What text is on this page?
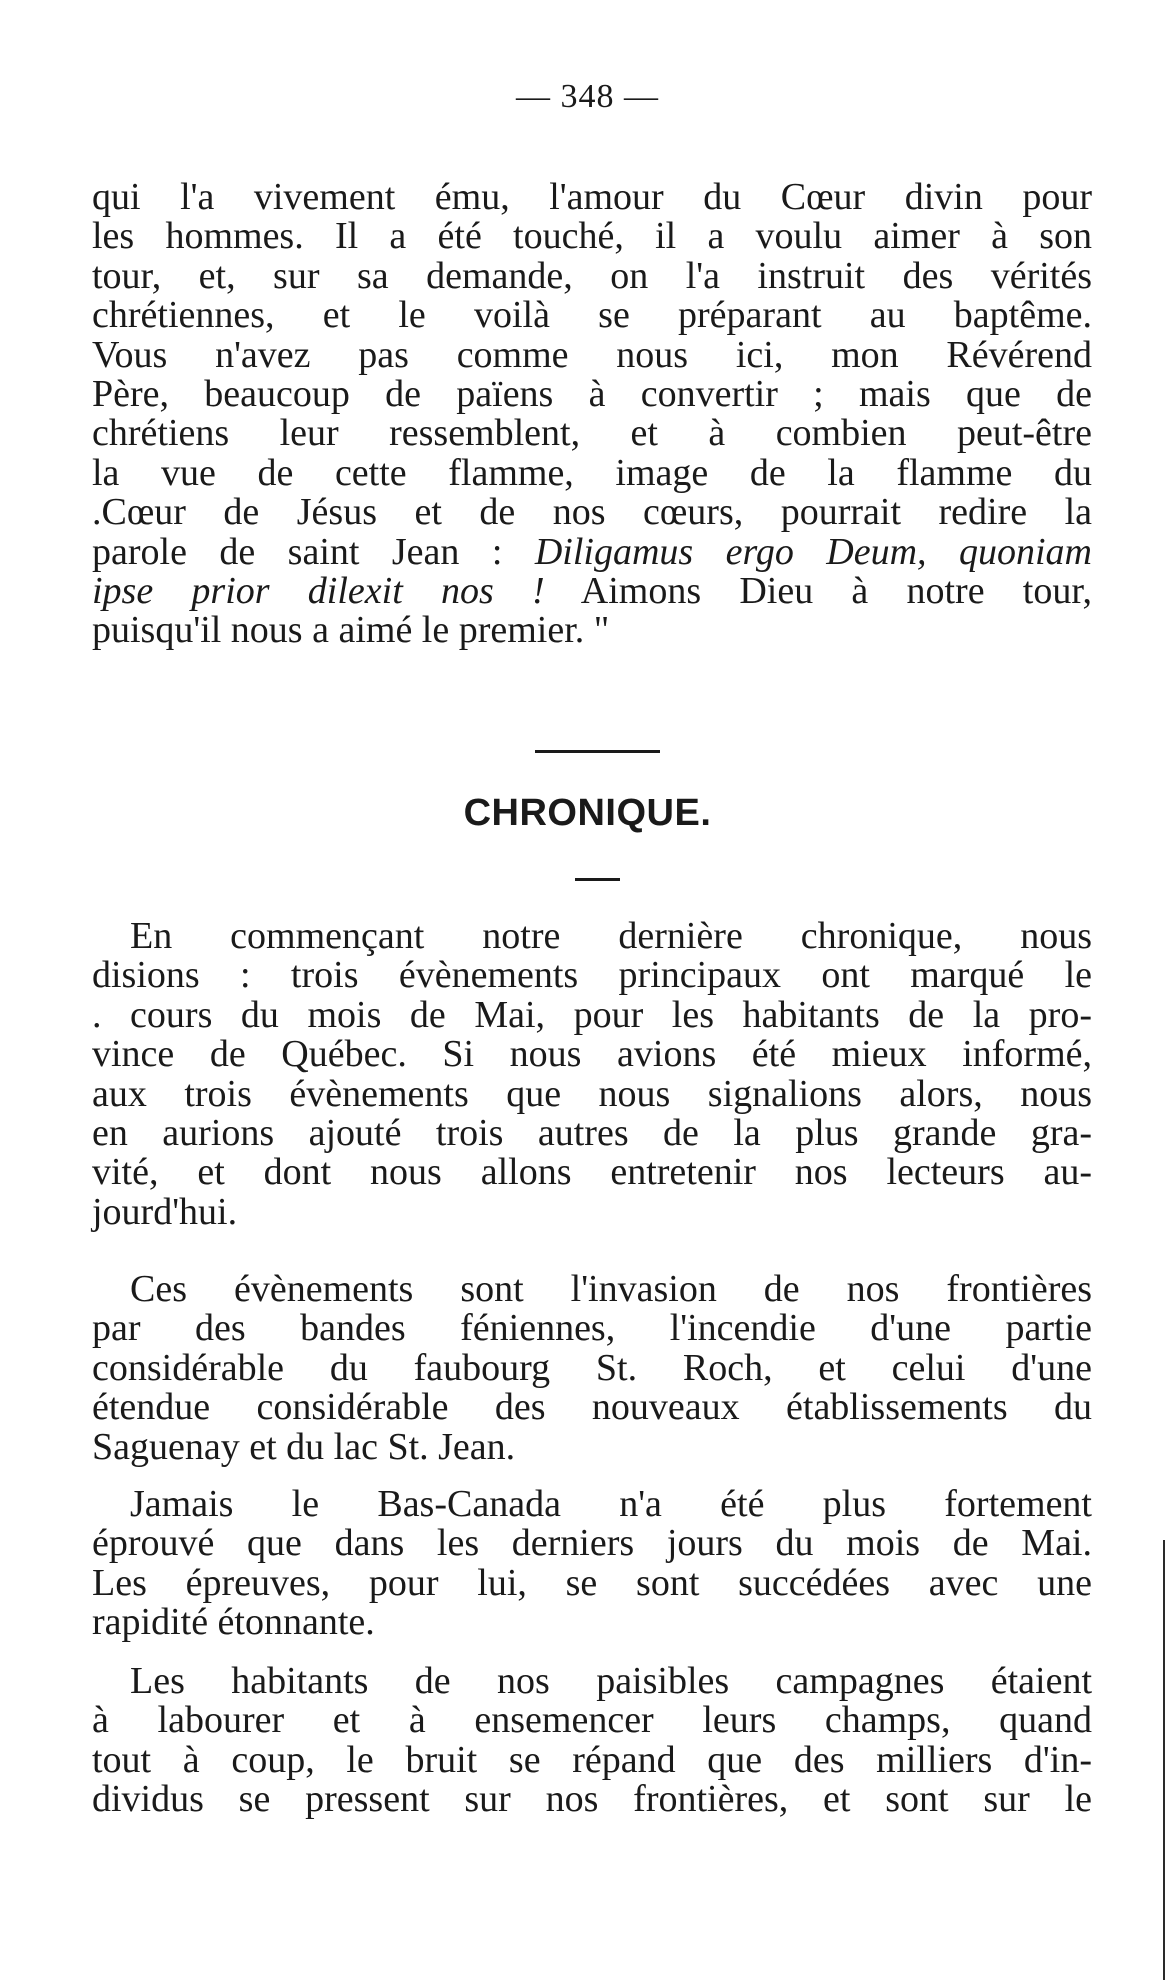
— 348 —

qui l'a vivement ému, l'amour du Cœur divin pour
les hommes. Il a été touché, il a voulu aimer à son
tour, et, sur sa demande, on l'a instruit des vérités
chrétiennes, et le voilà se préparant au baptême.
Vous n'avez pas comme nous ici, mon Révérend
Père, beaucoup de païens à convertir ; mais que de
chrétiens leur ressemblent, et à combien peut-être
la vue de cette flamme, image de la flamme du
.Cœur de Jésus et de nos cœurs, pourrait redire la
parole de saint Jean : Diligamus ergo Deum, quoniam
ipse prior dilexit nos ! Aimons Dieu à notre tour,
puisqu'il nous a aimé le premier. "

CHRONIQUE.

En commençant notre dernière chronique, nous
disions : trois évènements principaux ont marqué le
. cours du mois de Mai, pour les habitants de la pro-
vince de Québec. Si nous avions été mieux informé,
aux trois évènements que nous signalions alors, nous
en aurions ajouté trois autres de la plus grande gra-
vité, et dont nous allons entretenir nos lecteurs au-
jourd'hui.

Ces évènements sont l'invasion de nos frontières
par des bandes féniennes, l'incendie d'une partie
considérable du faubourg St. Roch, et celui d'une
étendue considérable des nouveaux établissements du
Saguenay et du lac St. Jean.

Jamais le Bas-Canada n'a été plus fortement
éprouvé que dans les derniers jours du mois de Mai.
Les épreuves, pour lui, se sont succédées avec une
rapidité étonnante.

Les habitants de nos paisibles campagnes étaient
à labourer et à ensemencer leurs champs, quand
tout à coup, le bruit se répand que des milliers d'in-
dividus se pressent sur nos frontières, et sont sur le
